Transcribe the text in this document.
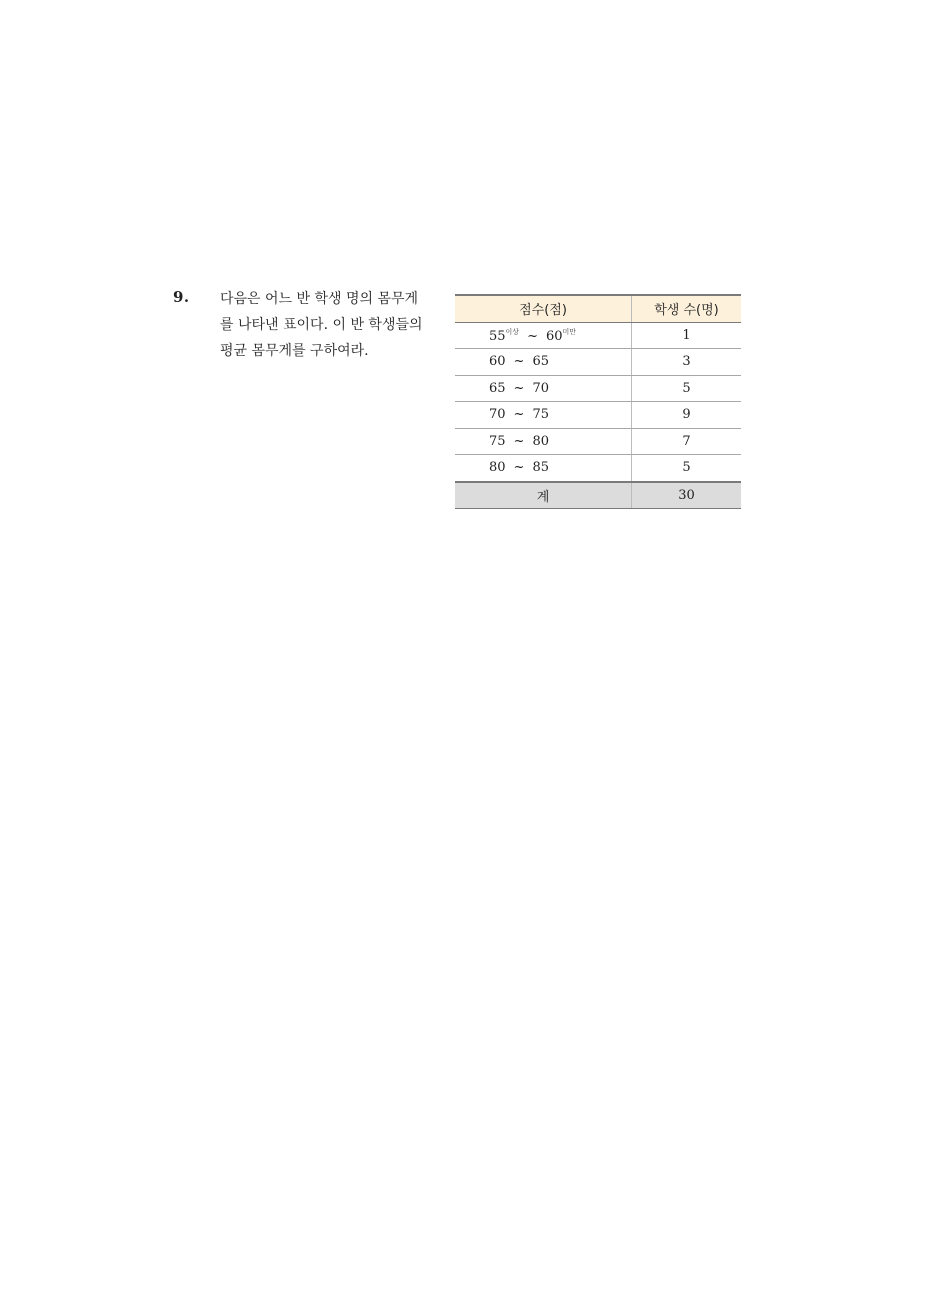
9. 다음은 어느 반 학생 명의 몸무게
를 나타낸 표이다. 이 반 학생들의
평균 몸무게를 구하여라.
점수(점)	학생 수(명)
$55^{이상}$ ~ $60^{미만}$	1
60 ~ 65	3
65 ~ 70	5
70 ~ 75	9
75 ~ 80	7
80 ~ 85	5
계	30
